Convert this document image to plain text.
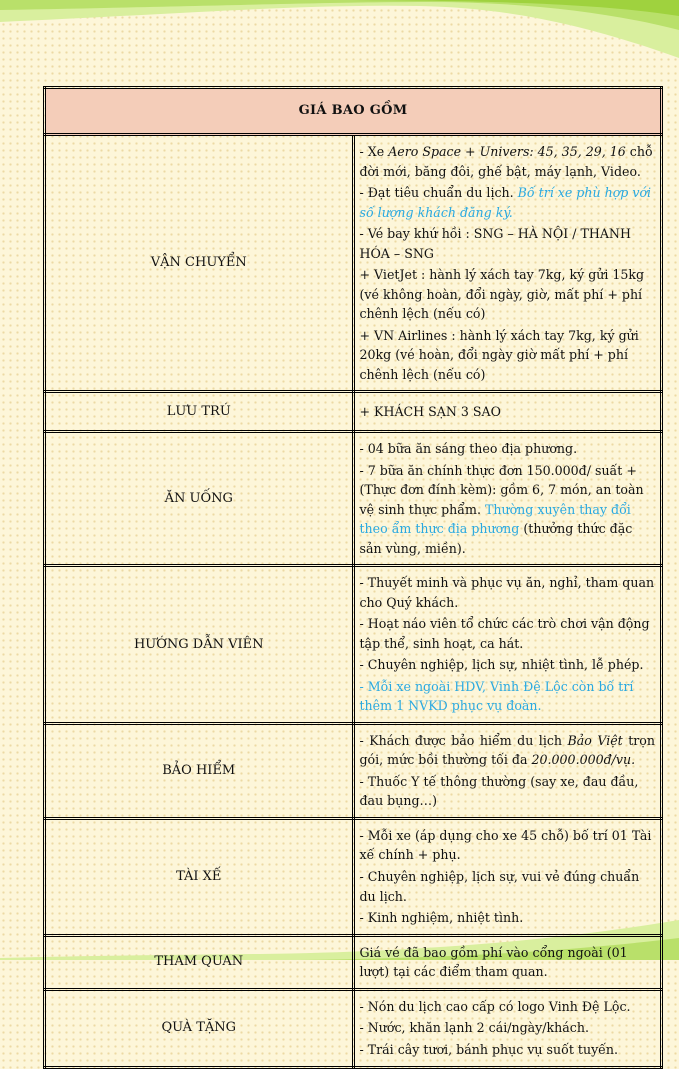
GIÁ BAO GỒM	
VẬN CHUYỂN	- Xe Aero Space + Univers: 45, 35, 29, 16 chỗ đời mới, băng đôi, ghế bật, máy lạnh, Video.
- Đạt tiêu chuẩn du lịch. Bố trí xe phù hợp với số lượng khách đăng ký.
- Vé bay khứ hồi : SNG – HÀ NỘI / THANH HÓA – SNG
+ VietJet : hành lý xách tay 7kg, ký gửi 15kg (vé không hoàn, đổi ngày, giờ, mất phí + phí chênh lệch (nếu có)
+ VN Airlines : hành lý xách tay 7kg, ký gửi 20kg (vé hoàn, đổi ngày giờ mất phí + phí chênh lệch (nếu có)

LƯU TRÚ	+ KHÁCH SẠN 3 SAO
ĂN UỐNG	- 04 bữa ăn sáng theo địa phương.
- 7 bữa ăn chính thực đơn 150.000đ/ suất + (Thực đơn đính kèm): gồm 6, 7 món, an toàn vệ sinh thực phẩm. Thường xuyên thay đổi theo ẩm thực địa phương (thưởng thức đặc sản vùng, miền).

HƯỚNG DẪN VIÊN	- Thuyết minh và phục vụ ăn, nghỉ, tham quan cho Quý khách.
- Hoạt náo viên tổ chức các trò chơi vận động tập thể, sinh hoạt, ca hát.
- Chuyên nghiệp, lịch sự, nhiệt tình, lễ phép.
- Mỗi xe ngoài HDV, Vinh Đệ Lộc còn bố trí thêm 1 NVKD phục vụ đoàn.

BẢO HIỂM	- Khách được bảo hiểm du lịch Bảo Việt trọn gói, mức bồi thường tối đa 20.000.000đ/vụ.
- Thuốc Y tế thông thường (say xe, đau đầu, đau bụng…)

TÀI XẾ	- Mỗi xe (áp dụng cho xe 45 chỗ) bố trí 01 Tài xế chính + phụ.
- Chuyên nghiệp, lịch sự, vui vẻ đúng chuẩn du lịch.
- Kinh nghiệm, nhiệt tình.

THAM QUAN	Giá vé đã bao gồm phí vào cổng ngoài (01 lượt) tại các điểm tham quan.
QUÀ TẶNG	- Nón du lịch cao cấp có logo Vinh Đệ Lộc.
- Nước, khăn lạnh 2 cái/ngày/khách.
- Trái cây tươi, bánh phục vụ suốt tuyến.
